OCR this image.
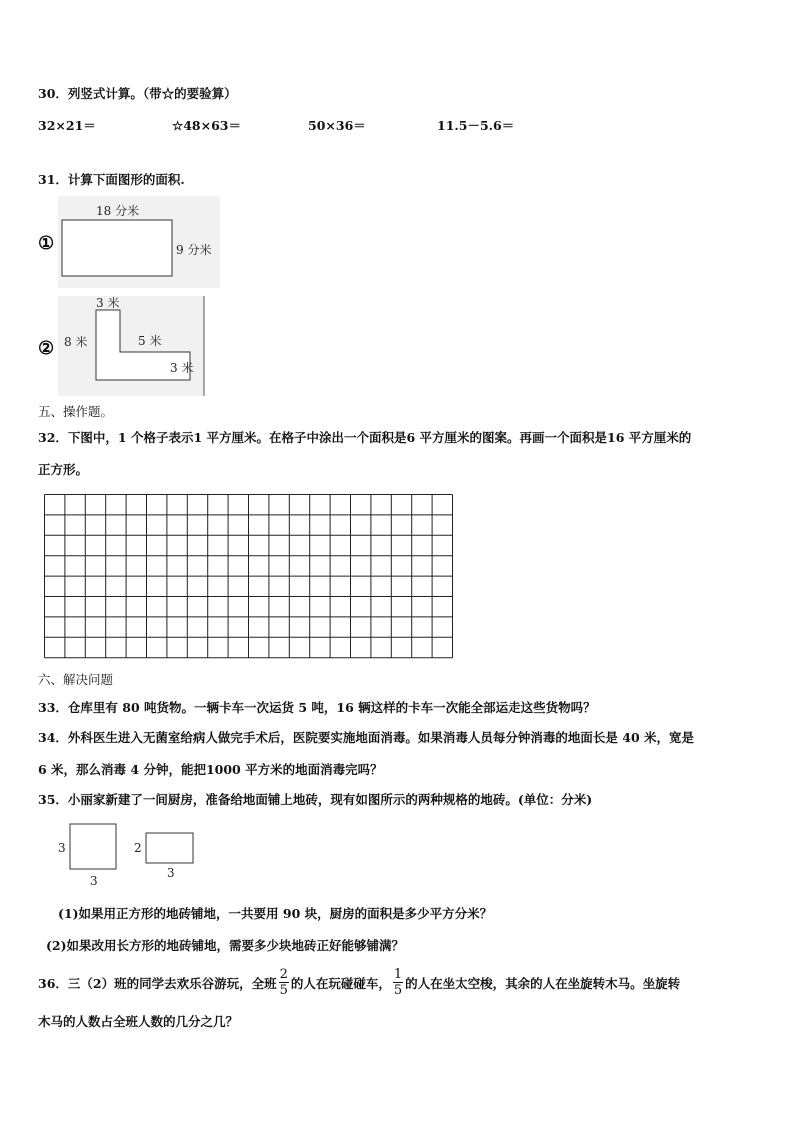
30．列竖式计算。（带☆的要验算）
32×21＝	☆48×63＝	50×36＝	11.5－5.6＝
31．计算下面图形的面积.
①
18 分米
9 分米
②
3 米
8 米	5 米
3 米
五、操作题。
32．下图中，1 个格子表示1 平方厘米。在格子中涂出一个面积是6 平方厘米的图案。再画一个面积是16 平方厘米的
正方形。
六、解决问题
33．仓库里有 80 吨货物。一辆卡车一次运货 5 吨，16 辆这样的卡车一次能全部运走这些货物吗？
34．外科医生进入无菌室给病人做完手术后，医院要实施地面消毒。如果消毒人员每分钟消毒的地面长是 40 米，宽是
6 米，那么消毒 4 分钟，能把1000 平方米的地面消毒完吗？
35．小丽家新建了一间厨房，准备给地面铺上地砖，现有如图所示的两种规格的地砖。(单位：分米)
3
3
2
3
(1)如果用正方形的地砖铺地，一共要用 90 块，厨房的面积是多少平方分米？
(2)如果改用长方形的地砖铺地，需要多少块地砖正好能够铺满？
36．三（2）班的同学去欢乐谷游玩，全班 $\frac{2}{5}$ 的人在玩碰碰车， $\frac{1}{5}$ 的人在坐太空梭，其余的人在坐旋转木马。坐旋转
木马的人数占全班人数的几分之几？
